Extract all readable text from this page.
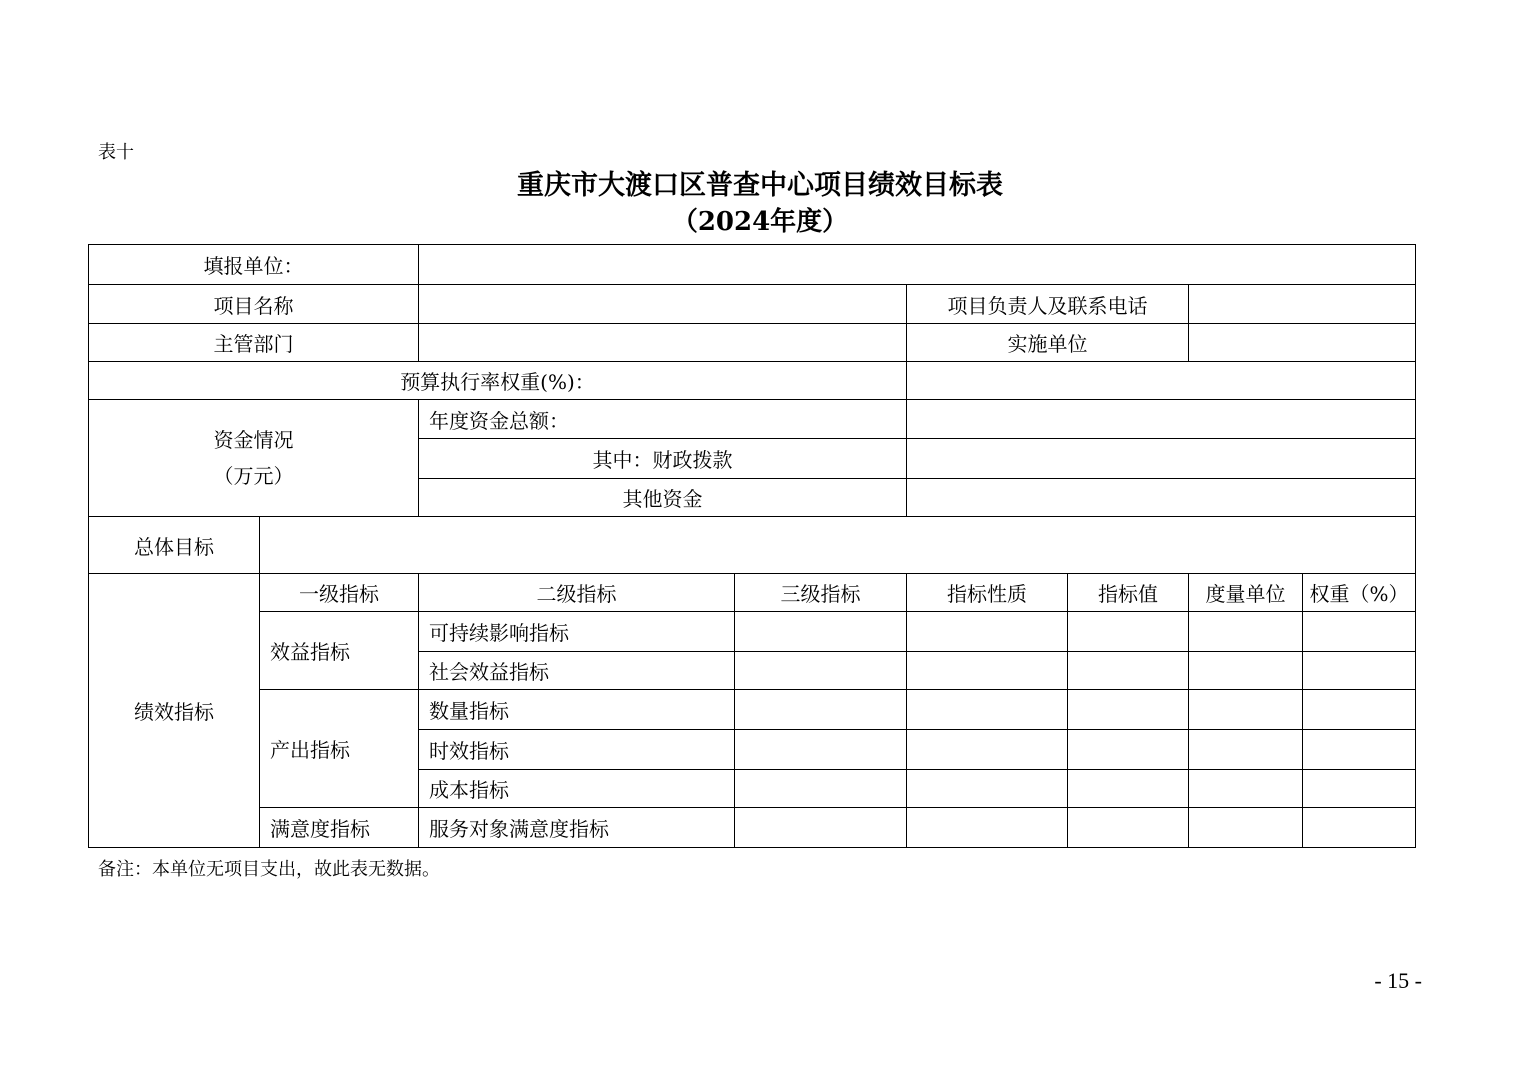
表十
重庆市大渡口区普查中心项目绩效目标表
（2024年度）
填报单位：							
项目名称				项目负责人及联系电话			
主管部门				实施单位			
预算执行率权重(%)：							

资金情况
（万元）		年度资金总额：					
		其中：财政拨款					
		其他资金					
总体目标							
绩效指标	一级指标	二级指标	三级指标	指标性质	指标值	度量单位	权重（%）
	效益指标	可持续影响指标					
		社会效益指标					
	产出指标	数量指标					
		时效指标					
		成本指标					
	满意度指标	服务对象满意度指标					
备注：本单位无项目支出，故此表无数据。
- 15 -
